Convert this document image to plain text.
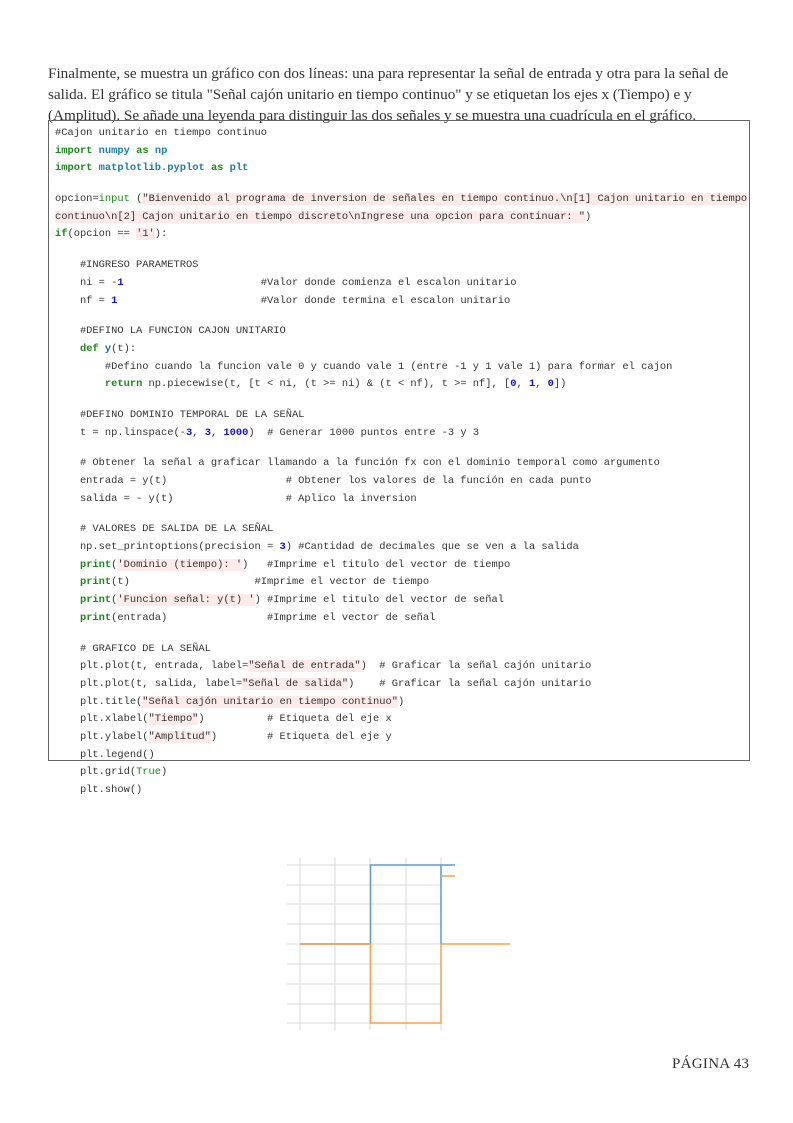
Finalmente, se muestra un gráfico con dos líneas: una para representar la señal de entrada y otra para la señal de salida. El gráfico se titula "Señal cajón unitario en tiempo continuo" y se etiquetan los ejes x (Tiempo) e y (Amplitud). Se añade una leyenda para distinguir las dos señales y se muestra una cuadrícula en el gráfico.

#Cajon unitario en tiempo continuo
import numpy as np
import matplotlib.pyplot as plt
opcion=input ("Bienvenido al programa de inversion de señales en tiempo continuo.\n[1] Cajon unitario en tiempo
continuo\n[2] Cajon unitario en tiempo discreto\nIngrese una opcion para continuar: ")
if(opcion == '1'):
#INGRESO PARAMETROS
ni = -1                      #Valor donde comienza el escalon unitario
nf = 1                       #Valor donde termina el escalon unitario
#DEFINO LA FUNCION CAJON UNITARIO
def y(t):
#Defino cuando la funcion vale 0 y cuando vale 1 (entre -1 y 1 vale 1) para formar el cajon
return np.piecewise(t, [t < ni, (t >= ni) & (t < nf), t >= nf], [0, 1, 0])
#DEFINO DOMINIO TEMPORAL DE LA SEÑAL
t = np.linspace(-3, 3, 1000)  # Generar 1000 puntos entre -3 y 3
# Obtener la señal a graficar llamando a la función fx con el dominio temporal como argumento
entrada = y(t)                   # Obtener los valores de la función en cada punto
salida = - y(t)                  # Aplico la inversion
# VALORES DE SALIDA DE LA SEÑAL
np.set_printoptions(precision = 3) #Cantidad de decimales que se ven a la salida
print('Dominio (tiempo): ')   #Imprime el titulo del vector de tiempo
print(t)                    #Imprime el vector de tiempo
print('Funcion señal: y(t) ') #Imprime el titulo del vector de señal
print(entrada)                #Imprime el vector de señal
# GRAFICO DE LA SEÑAL
plt.plot(t, entrada, label="Señal de entrada")  # Graficar la señal cajón unitario
plt.plot(t, salida, label="Señal de salida")    # Graficar la señal cajón unitario
plt.title("Señal cajón unitario en tiempo continuo")
plt.xlabel("Tiempo")          # Etiqueta del eje x
plt.ylabel("Amplitud")        # Etiqueta del eje y
plt.legend()
plt.grid(True)
plt.show()
PÁGINA 43
